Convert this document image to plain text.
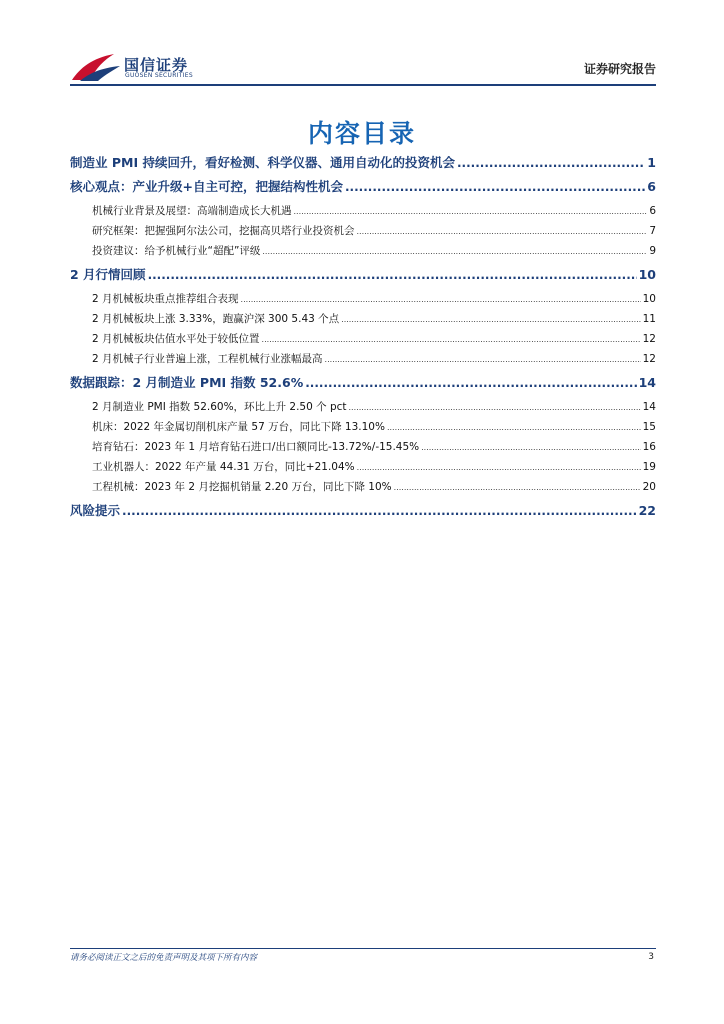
国信证券
GUOSEN SECURITIES	证券研究报告
内容目录
制造业 PMI 持续回升，看好检测、科学仪器、通用自动化的投资机会 .....	1
核心观点：产业升级+自主可控，把握结构性机会 .....	6
机械行业背景及展望：高端制造成长大机遇 .....	6
研究框架：把握强阿尔法公司，挖掘高贝塔行业投资机会 .....	7
投资建议：给予机械行业“超配”评级 .....	9
2 月行情回顾 .....	10
2 月机械板块重点推荐组合表现 .....	10
2 月机械板块上涨 3.33%，跑赢沪深 300 5.43 个点 .....	11
2 月机械板块估值水平处于较低位置 .....	12
2 月机械子行业普遍上涨，工程机械行业涨幅最高 .....	12
数据跟踪：2 月制造业 PMI 指数 52.6% .....	14
2 月制造业 PMI 指数 52.60%，环比上升 2.50 个 pct .....	14
机床：2022 年金属切削机床产量 57 万台，同比下降 13.10% .....	15
培育钻石：2023 年 1 月培育钻石进口/出口额同比-13.72%/-15.45% .....	16
工业机器人：2022 年产量 44.31 万台，同比+21.04% .....	19
工程机械：2023 年 2 月挖掘机销量 2.20 万台，同比下降 10% .....	20
风险提示 .....	22
请务必阅读正文之后的免责声明及其项下所有内容	3
